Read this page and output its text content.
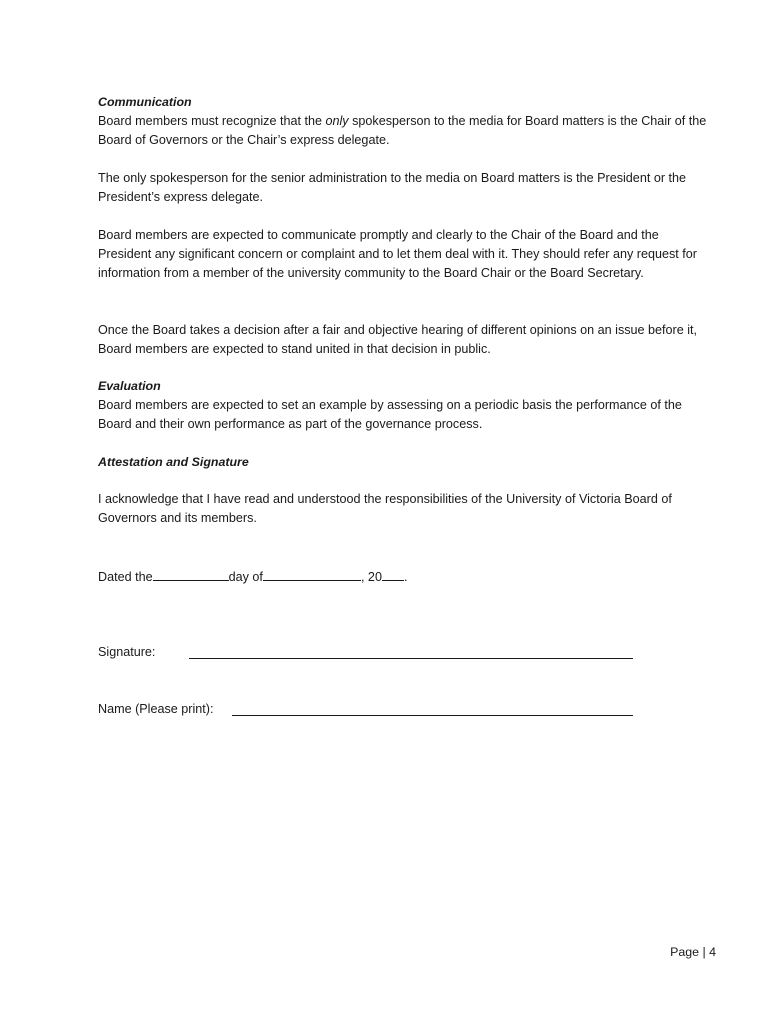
Communication

Board members must recognize that the only spokesperson to the media for Board matters is the Chair of the Board of Governors or the Chair’s express delegate.

The only spokesperson for the senior administration to the media on Board matters is the President or the President’s express delegate.

Board members are expected to communicate promptly and clearly to the Chair of the Board and the President any significant concern or complaint and to let them deal with it. They should refer any request for information from a member of the university community to the Board Chair or the Board Secretary.

Once the Board takes a decision after a fair and objective hearing of different opinions on an issue before it, Board members are expected to stand united in that decision in public.

Evaluation

Board members are expected to set an example by assessing on a periodic basis the performance of the Board and their own performance as part of the governance process.

Attestation and Signature

I acknowledge that I have read and understood the responsibilities of the University of Victoria Board of Governors and its members.

Dated the	day of	, 20 .
Signature:
Name (Please print):
Page | 4
